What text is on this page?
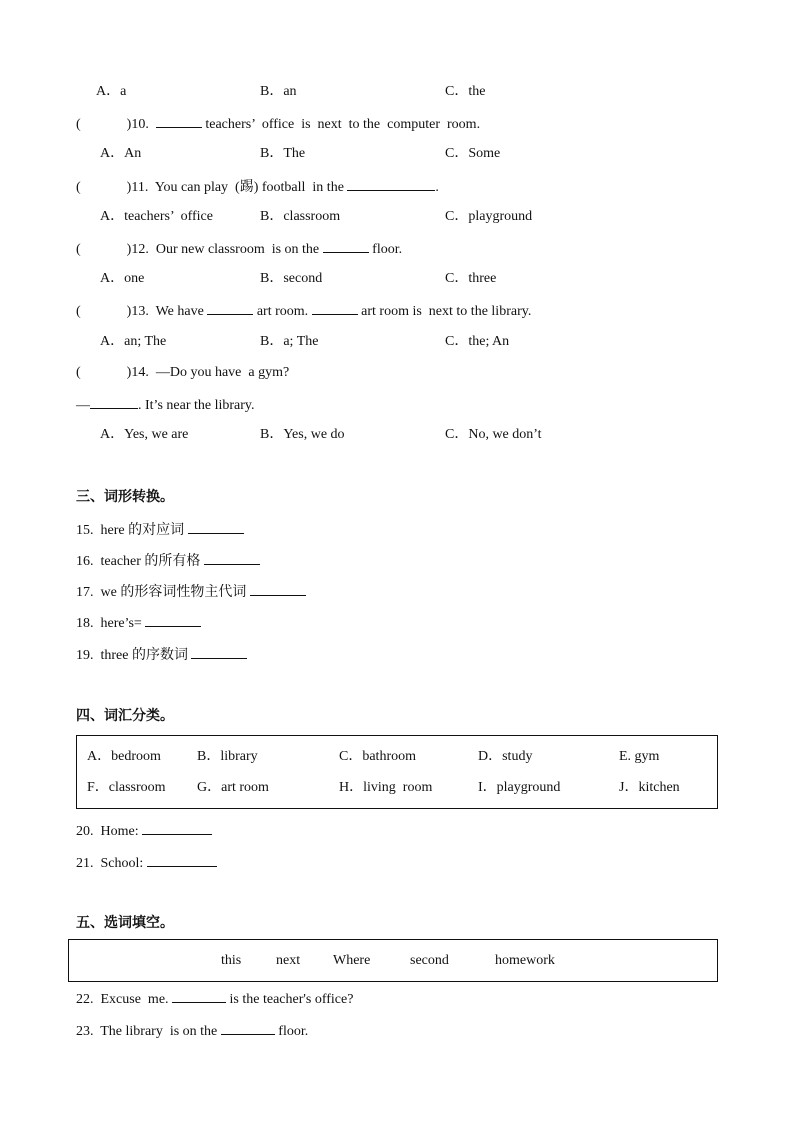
A．a	B．an	C．the
(	)10.	teachers’  office  is  next  to the  computer  room.
A．An	B．The	C．Some
(	)11. You can play  (踢) football  in the	.
A．teachers’  office	B．classroom	C．playground
(	)12. Our new classroom  is on the	floor.
A．one	B．second	C．three
(	)13. We have	art room.	art room is  next to the library.
A．an; The	B．a; The	C．the; An
(	)14. —Do you have  a gym?
—	. It’s near the library.
A．Yes, we are	B．Yes, we do	C．No, we don’t
三、词形转换。
15. here 的对应词
16. teacher 的所有格
17. we 的形容词性物主代词
18. here’s=
19. three 的序数词
四、词汇分类。
A．bedroom	B．library	C．bathroom	D．study	E. gym
F．classroom G．art room	H．living  room	I．playground	J．kitchen
20. Home:
21. School:
五、选词填空。
this next Where	second	homework
22. Excuse  me.	is the teacher's office?
23. The library  is on the	floor.
